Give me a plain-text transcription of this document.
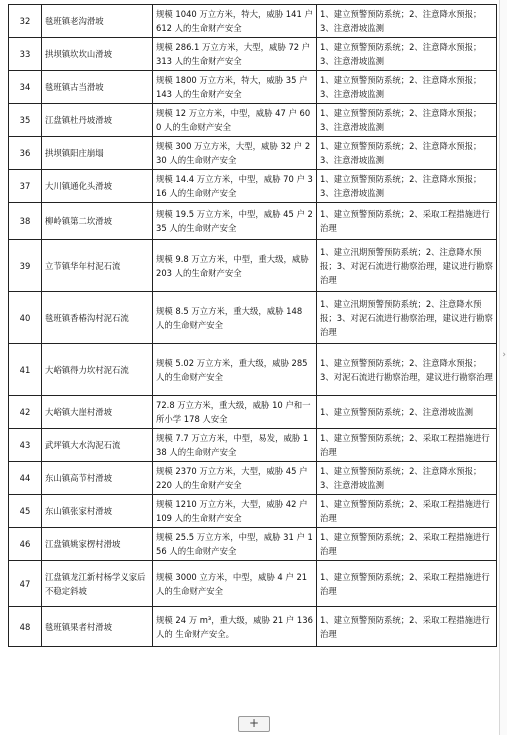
32	毯班镇老沟滑坡	规模 1040 万立方米，特大，威胁 141 户 612 人的生命财产安全	1、建立预警预防系统；2、注意降水预报；3、注意滑坡监测
33	拱坝镇坎坎山滑坡	规模 286.1 万立方米，大型，威胁 72 户 313 人的生命财产安全	1、建立预警预防系统；2、注意降水预报；3、注意滑坡监测
34	毯班镇古当滑坡	规模 1800 万立方米，特大，威胁 35 户 143 人的生命财产安全	1、建立预警预防系统；2、注意降水预报；3、注意滑坡监测
35	江盘镇杜丹坡滑坡	规模 12 万立方米，中型，威胁 47 户 600 人的生命财产安全	1、建立预警预防系统；2、注意降水预报；3、注意滑坡监测
36	拱坝镇阳庄崩塌	规模 300 万立方米，大型，威胁 32 户 230 人的生命财产安全	1、建立预警预防系统；2、注意降水预报；3、注意滑坡监测
37	大川镇通化头滑坡	规模 14.4 万立方米，中型，威胁 70 户 316 人的生命财产安全	1、建立预警预防系统；2、注意降水预报；3、注意滑坡监测
38	柳岭镇第二坎滑坡	规模 19.5 万立方米，中型，威胁 45 户 235 人的生命财产安全	1、建立预警预防系统；2、采取工程措施进行治理
39	立节镇华年村泥石流	规模 9.8 万立方米，中型，重大级，威胁 203 人的生命财产安全	1、建立汛期预警预防系统；2、注意降水预报；3、对泥石流进行勘察治理，建议进行勘察治理
40	毯班镇香椿沟村泥石流	规模 8.5 万立方米，重大级，威胁 148 人的生命财产安全	1、建立汛期预警预防系统；2、注意降水预报；3、对泥石流进行勘察治理，建议进行勘察治理
41	大峪镇得力坎村泥石流	规模 5.02 万立方米，重大级，威胁 285 人的生命财产安全	1、建立预警预防系统；2、注意降水预报；3、对泥石流进行勘察治理，建议进行勘察治理
42	大峪镇大崖村滑坡	72.8 万立方米，重大级，威胁 10 户和一所小学 178 人安全	1、建立预警预防系统；2、注意滑坡监测
43	武坪镇大水沟泥石流	规模 7.7 万立方米，中型，易发，威胁 138 人的生命财产安全	1、建立预警预防系统；2、采取工程措施进行治理
44	东山镇高节村滑坡	规模 2370 万立方米，大型，威胁 45 户 220 人的生命财产安全	1、建立预警预防系统；2、注意降水预报；3、注意滑坡监测
45	东山镇张家村滑坡	规模 1210 万立方米，大型，威胁 42 户 109 人的生命财产安全	1、建立预警预防系统；2、采取工程措施进行治理
46	江盘镇姚家楞村滑坡	规模 25.5 万立方米，中型，威胁 31 户 156 人的生命财产安全	1、建立预警预防系统；2、采取工程措施进行治理
47	江盘镇龙江新村杨学义家后不稳定斜坡	规模 3000 立方米，中型，威胁 4 户 21 人的生命财产安全	1、建立预警预防系统；2、采取工程措施进行治理
48	毯班镇果者村滑坡	规模 24 万 m³，重大级，威胁 21 户 136 人的 生命财产安全。	1、建立预警预防系统；2、采取工程措施进行治理
›
+
